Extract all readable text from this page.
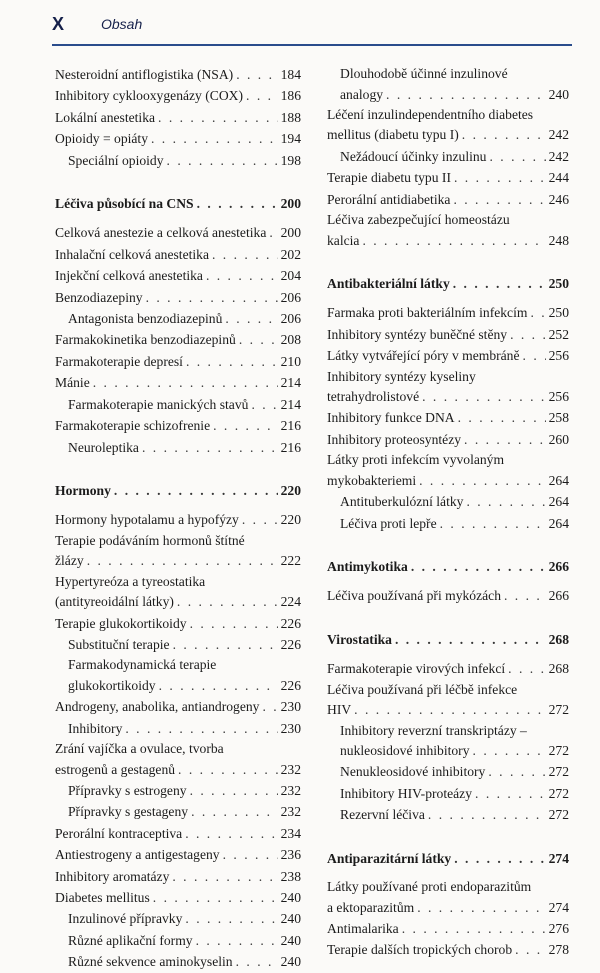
X	Obsah
Nesteroidní antiflogistika (NSA) . . .	184
Inhibitory cyklooxygenázy (COX) . . .	186
Lokální anestetika . . .	188
Opioidy = opiáty . . .	194
Speciální opioidy . . .	198
Léčiva působící na CNS . . .	200
Celková anestezie a celková anestetika . . . 200
Inhalační celková anestetika . . .	202
Injekční celková anestetika . . .	204
Benzodiazepiny . . .	206
Antagonista benzodiazepinů . . .	206
Farmakokinetika benzodiazepinů . . .	208
Farmakoterapie depresí . . .	210
Mánie . . .	214
Farmakoterapie manických stavů . . . 214
Farmakoterapie schizofrenie . . .	216
Neuroleptika . . .	216
Hormony . . .	220
Hormony hypotalamu a hypofýzy . . .	220
Terapie podáváním hormonů štítné
žlázy . . .	222
Hypertyreóza a tyreostatika
(antityreoidální látky) . . .	224
Terapie glukokortikoidy . . .	226
Substituční terapie . . .	226
Farmakodynamická terapie
glukokortikoidy . . .	226
Androgeny, anabolika, antiandrogeny . . . 230
Inhibitory . . .	230
Zrání vajíčka a ovulace, tvorba
estrogenů a gestagenů . . .	232
Přípravky s estrogeny . . .	232
Přípravky s gestageny . . .	232
Perorální kontraceptiva . . .	234
Antiestrogeny a antigestageny . . .	236
Inhibitory aromatázy . . .	238
Diabetes mellitus . . .	240
Inzulinové přípravky . . .	240
Různé aplikační formy . . .	240
Různé sekvence aminokyselin . . .	240
Dlouhodobě účinné inzulinové
analogy . . .	240
Léčení inzulindependentního diabetes
mellitus (diabetu typu I) . . .	242
Nežádoucí účinky inzulinu . . .	242
Terapie diabetu typu II . . .	244
Perorální antidiabetika . . .	246
Léčiva zabezpečující homeostázu
kalcia . . .	248
Antibakteriální látky . . .	250
Farmaka proti bakteriálním infekcím . . . 250
Inhibitory syntézy buněčné stěny . . .	252
Látky vytvářející póry v membráně . . . 256
Inhibitory syntézy kyseliny
tetrahydrolistové . . .	256
Inhibitory funkce DNA . . .	258
Inhibitory proteosyntézy . . .	260
Látky proti infekcím vyvolaným
mykobakteriemi . . .	264
Antituberkulózní látky . . .	264
Léčiva proti lepře . . .	264
Antimykotika . . .	266
Léčiva používaná při mykózách . . .	266
Virostatika . . .	268
Farmakoterapie virových infekcí . . .	268
Léčiva používaná při léčbě infekce
HIV . . .	272
Inhibitory reverzní transkriptázy –
nukleosidové inhibitory . . .	272
Nenukleosidové inhibitory . . .	272
Inhibitory HIV-proteázy . . .	272
Rezervní léčiva . . .	272
Antiparazitární látky . . .	274
Látky používané proti endoparazitům
a ektoparazitům . . .	274
Antimalarika . . .	276
Terapie dalších tropických chorob . . .	278
